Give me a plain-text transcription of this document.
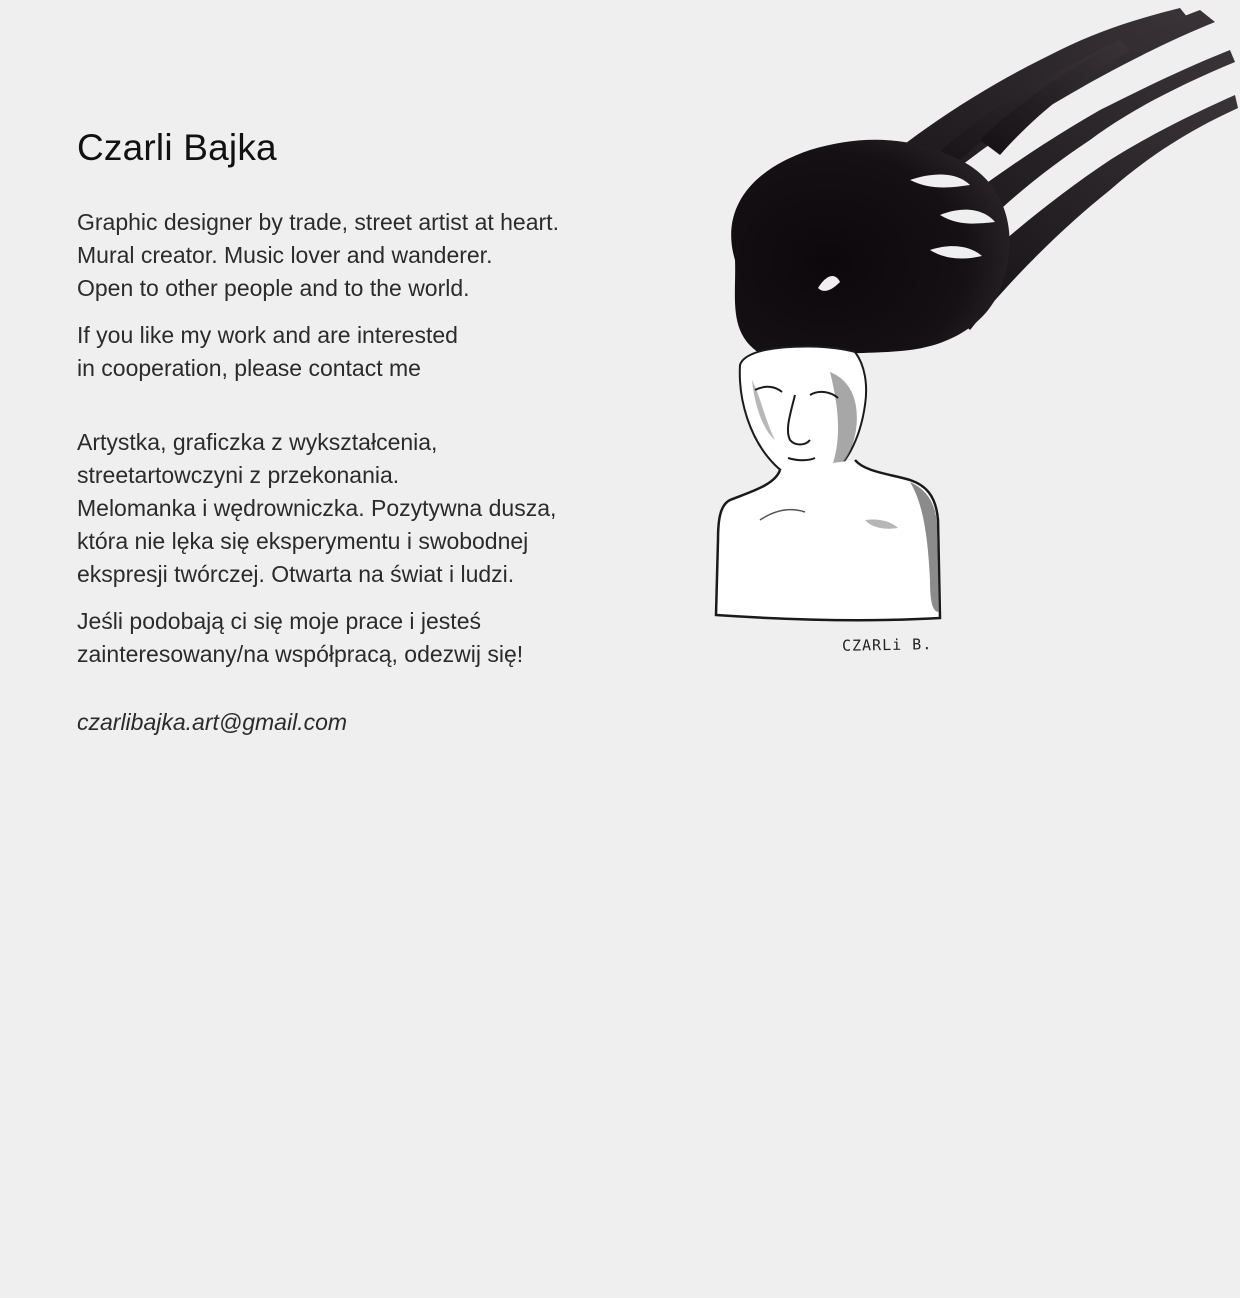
Czarli Bajka

Graphic designer by trade, street artist at heart.
Mural creator. Music lover and wanderer.
Open to other people and to the world.

If you like my work and are interested
in cooperation, please contact me

Artystka, graficzka z wykształcenia,
streetartowczyni z przekonania.
Melomanka i wędrowniczka. Pozytywna dusza,
która nie lęka się eksperymentu i swobodnej
ekspresji twórczej. Otwarta na świat i ludzi.

Jeśli podobają ci się moje prace i jesteś
zainteresowany/na współpracą, odezwij się!

czarlibajka.art@gmail.com
CZARLi B.
